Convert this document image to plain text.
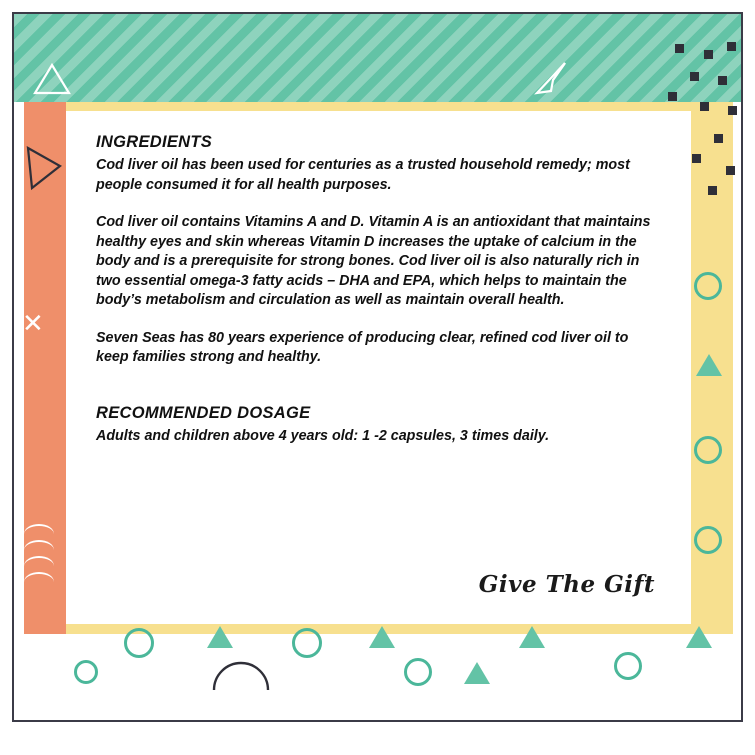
✕
INGREDIENTS

Cod liver oil has been used for centuries as a trusted household remedy; most people consumed it for all health purposes.

Cod liver oil contains Vitamins A and D. Vitamin A is an antioxidant that maintains healthy eyes and skin whereas Vitamin D increases the uptake of calcium in the body and is a prerequisite for strong bones. Cod liver oil is also naturally rich in two essential omega-3 fatty acids – DHA and EPA, which helps to maintain the body’s metabolism and circulation as well as maintain overall health.

Seven Seas has 80 years experience of producing clear, refined cod liver oil to keep families strong and healthy.

RECOMMENDED DOSAGE

Adults and children above 4 years old: 1 -2 capsules, 3 times daily.

Give The Gift
